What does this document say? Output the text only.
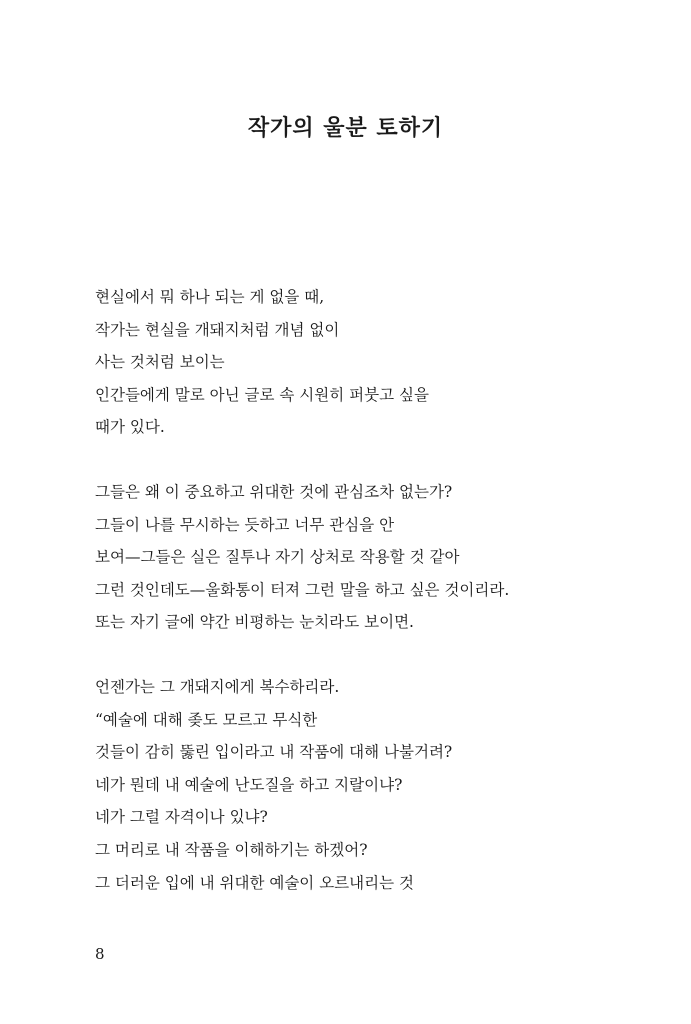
작가의 울분 토하기
현실에서 뭐 하나 되는 게 없을 때,
작가는 현실을 개돼지처럼 개념 없이
사는 것처럼 보이는
인간들에게 말로 아닌 글로 속 시원히 퍼붓고 싶을
때가 있다.
그들은 왜 이 중요하고 위대한 것에 관심조차 없는가?
그들이 나를 무시하는 듯하고 너무 관심을 안
보여—그들은 실은 질투나 자기 상처로 작용할 것 같아
그런 것인데도—울화통이 터져 그런 말을 하고 싶은 것이리라.
또는 자기 글에 약간 비평하는 눈치라도 보이면.
언젠가는 그 개돼지에게 복수하리라.
“예술에 대해 좆도 모르고 무식한
것들이 감히 뚫린 입이라고 내 작품에 대해 나불거려?
네가 뭔데 내 예술에 난도질을 하고 지랄이냐?
네가 그럴 자격이나 있냐?
그 머리로 내 작품을 이해하기는 하겠어?
그 더러운 입에 내 위대한 예술이 오르내리는 것
8
